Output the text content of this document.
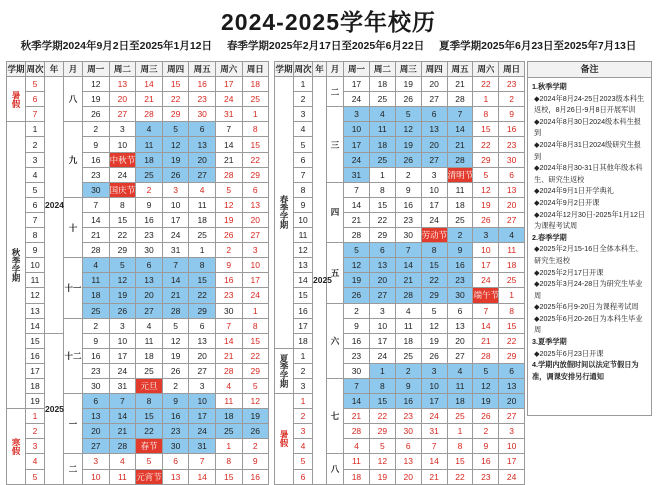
2024-2025学年校历
秋季学期2024年9月2日至2025年1月12日 春季学期2025年2月17日至2025年6月22日 夏季学期2025年6月23日至2025年7月13日
学期	周次	年	月	周一	周二	周三	周四	周五	周六	周日
暑假	5	2024	八	12	13	14	15	16	17	18
	6			19	20	21	22	23	24	25
	7			26	27	28	29	30	31	1
秋季学期	1		九	2	3	4	5	6	7	8
	2			9	10	11	12	13	14	15
	3			16	中秋节	18	19	20	21	22
	4			23	24	25	26	27	28	29
	5			30	国庆节	2	3	4	5	6
	6		十	7	8	9	10	11	12	13
	7			14	15	16	17	18	19	20
	8			21	22	23	24	25	26	27
	9			28	29	30	31	1	2	3
	10		十一	4	5	6	7	8	9	10
	11			11	12	13	14	15	16	17
	12			18	19	20	21	22	23	24
	13			25	26	27	28	29	30	1
	14		十二	2	3	4	5	6	7	8
	15	2025		9	10	11	12	13	14	15
	16			16	17	18	19	20	21	22
	17			23	24	25	26	27	28	29
	18			30	31	元旦	2	3	4	5
	19		一	6	7	8	9	10	11	12
寒假	1			13	14	15	16	17	18	19
	2			20	21	22	23	24	25	26
	3			27	28	春节	30	31	1	2
	4		二	3	4	5	6	7	8	9
	5			10	11	元宵节	13	14	15	16
学期	周次	年	月	周一	周二	周三	周四	周五	周六	周日
春季学期	1	2025	二	17	18	19	20	21	22	23
	2			24	25	26	27	28	1	2
	3		三	3	4	5	6	7	8	9
	4			10	11	12	13	14	15	16
	5			17	18	19	20	21	22	23
	6			24	25	26	27	28	29	30
	7			31	1	2	3	清明节	5	6
	8		四	7	8	9	10	11	12	13
	9			14	15	16	17	18	19	20
	10			21	22	23	24	25	26	27
	11			28	29	30	劳动节	2	3	4
	12		五	5	6	7	8	9	10	11
	13			12	13	14	15	16	17	18
	14			19	20	21	22	23	24	25
	15			26	27	28	29	30	端午节	1
	16		六	2	3	4	5	6	7	8
	17			9	10	11	12	13	14	15
	18			16	17	18	19	20	21	22
夏季学期	1			23	24	25	26	27	28	29
	2			30	1	2	3	4	5	6
	3		七	7	8	9	10	11	12	13
暑假	1			14	15	16	17	18	19	20
	2			21	22	23	24	25	26	27
	3			28	29	30	31	1	2	3
	4			4	5	6	7	8	9	10
	5		八	11	12	13	14	15	16	17
	6			18	19	20	21	22	23	24
备注
1.秋季学期
◆2024年8月24-25日2023级本科生返校，8月26日-9月8日开展军训
◆2024年8月30日2024级本科生报到
◆2024年8月31日2024级研究生报到
◆2024年8月30-31日其他年级本科生、研究生返校
◆2024年9月1日开学典礼
◆2024年9月2日开课
◆2024年12月30日-2025年1月12日为课程考试周
2.春季学期
◆2025年2月15-16日全体本科生、研究生返校
◆2025年2月17日开课
◆2025年3月24-28日为研究生毕业周
◆2025年6月9-20日为课程考试周
◆2025年6月20-26日为本科生毕业周
3.夏季学期
◆2025年6月23日开课
4.学期内放假时间以法定节假日为准，调课安排另行通知
